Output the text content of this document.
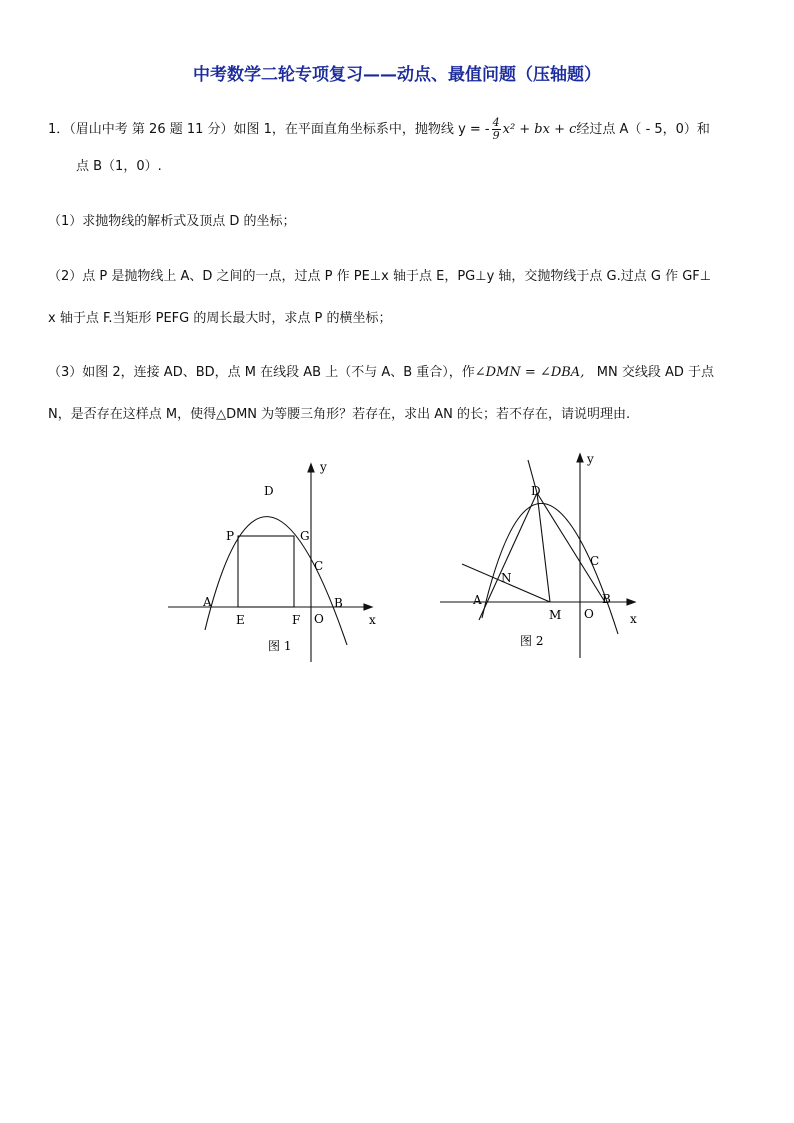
中考数学二轮专项复习——动点、最值问题（压轴题）
1．（眉山中考 第 26 题 11 分）如图 1，在平面直角坐标系中，抛物线 y = - $\frac{4}{9} x^2$ + bx + c经过点 A（ - 5，0）和
点 B（1，0）.
（1）求抛物线的解析式及顶点 D 的坐标；
（2）点 P 是抛物线上 A、D 之间的一点，过点 P 作 PE⊥x 轴于点 E，PG⊥y 轴，交抛物线于点 G.过点 G 作 GF⊥
x 轴于点 F.当矩形 PEFG 的周长最大时，求点 P 的横坐标；
（3）如图 2，连接 AD、BD，点 M 在线段 AB 上（不与 A、B 重合），作∠DMN = ∠DBA, MN 交线段 AD 于点
N，是否存在这样点 M，使得△DMN 为等腰三角形？若存在，求出 AN 的长；若不存在，请说明理由.
y
x
D
P	G
C
A	B
E	F O
图 1
y
x
D
C
N
A
M O
B
图 2
